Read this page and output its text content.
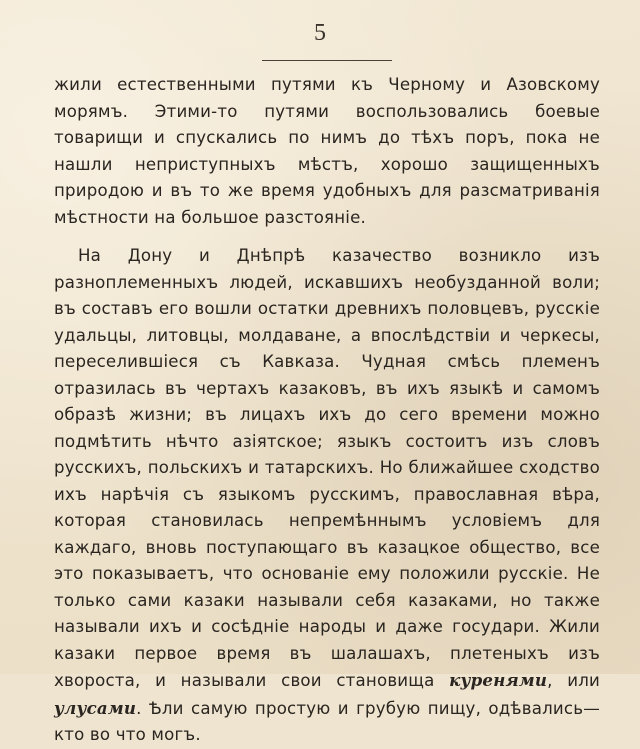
5

жили естественными путями къ Черному и Азовскому морямъ. Этими-то путями воспользовались боевые товарищи и спускались по нимъ до тѣхъ поръ, пока не нашли неприступныхъ мѣстъ, хорошо защищенныхъ природою и въ то же время удобныхъ для разсматриванія мѣстности на большое разстояніе.

На Дону и Днѣпрѣ казачество возникло изъ разноплеменныхъ людей, искавшихъ необузданной воли; въ составъ его вошли остатки древнихъ половцевъ, русскіе удальцы, литовцы, молдаване, а впослѣдствіи и черкесы, переселившіеся съ Кавказа. Чудная смѣсь племенъ отразилась въ чертахъ казаковъ, въ ихъ языкѣ и самомъ образѣ жизни; въ лицахъ ихъ до сего времени можно подмѣтить нѣчто азіятское; языкъ состоитъ изъ словъ русскихъ, польскихъ и татарскихъ. Но ближайшее сходство ихъ нарѣчія съ языкомъ русскимъ, православная вѣра, которая становилась непремѣннымъ условіемъ для каждаго, вновь поступающаго въ казацкое общество, все это показываетъ, что основаніе ему положили русскіе. Не только сами казаки называли себя казаками, но также называли ихъ и сосѣдніе народы и даже государи. Жили казаки первое время въ шалашахъ, плетеныхъ изъ хвороста, и называли свои становища куренями, или улусами. Ѣли самую простую и грубую пищу, одѣвались—кто во что могъ.
